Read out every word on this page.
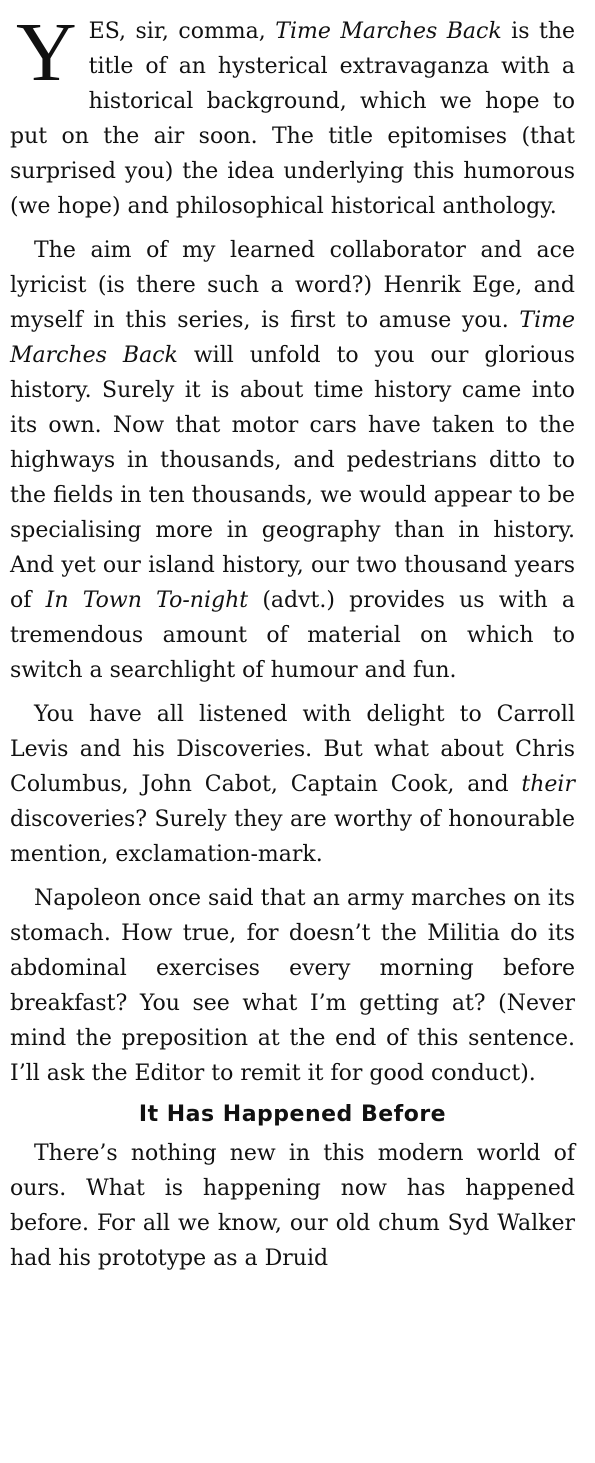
YES, sir, comma, Time Marches Back is the title of an hysterical extravaganza with a historical background, which we hope to put on the air soon. The title epitomises (that surprised you) the idea underlying this humorous (we hope) and philosophical historical anthology.

The aim of my learned collaborator and ace lyricist (is there such a word?) Henrik Ege, and myself in this series, is first to amuse you. Time Marches Back will unfold to you our glorious history. Surely it is about time history came into its own. Now that motor cars have taken to the highways in thousands, and pedestrians ditto to the fields in ten thousands, we would appear to be specialising more in geography than in history. And yet our island history, our two thousand years of In Town To-night (advt.) provides us with a tremendous amount of material on which to switch a searchlight of humour and fun.

You have all listened with delight to Carroll Levis and his Discoveries. But what about Chris Columbus, John Cabot, Captain Cook, and their discoveries? Surely they are worthy of honourable mention, exclamation-mark.

Napoleon once said that an army marches on its stomach. How true, for doesn’t the Militia do its abdominal exercises every morning before breakfast? You see what I’m getting at? (Never mind the preposition at the end of this sentence. I’ll ask the Editor to remit it for good conduct).

It Has Happened Before

There’s nothing new in this modern world of ours. What is happening now has happened before. For all we know, our old chum Syd Walker had his prototype as a Druid
